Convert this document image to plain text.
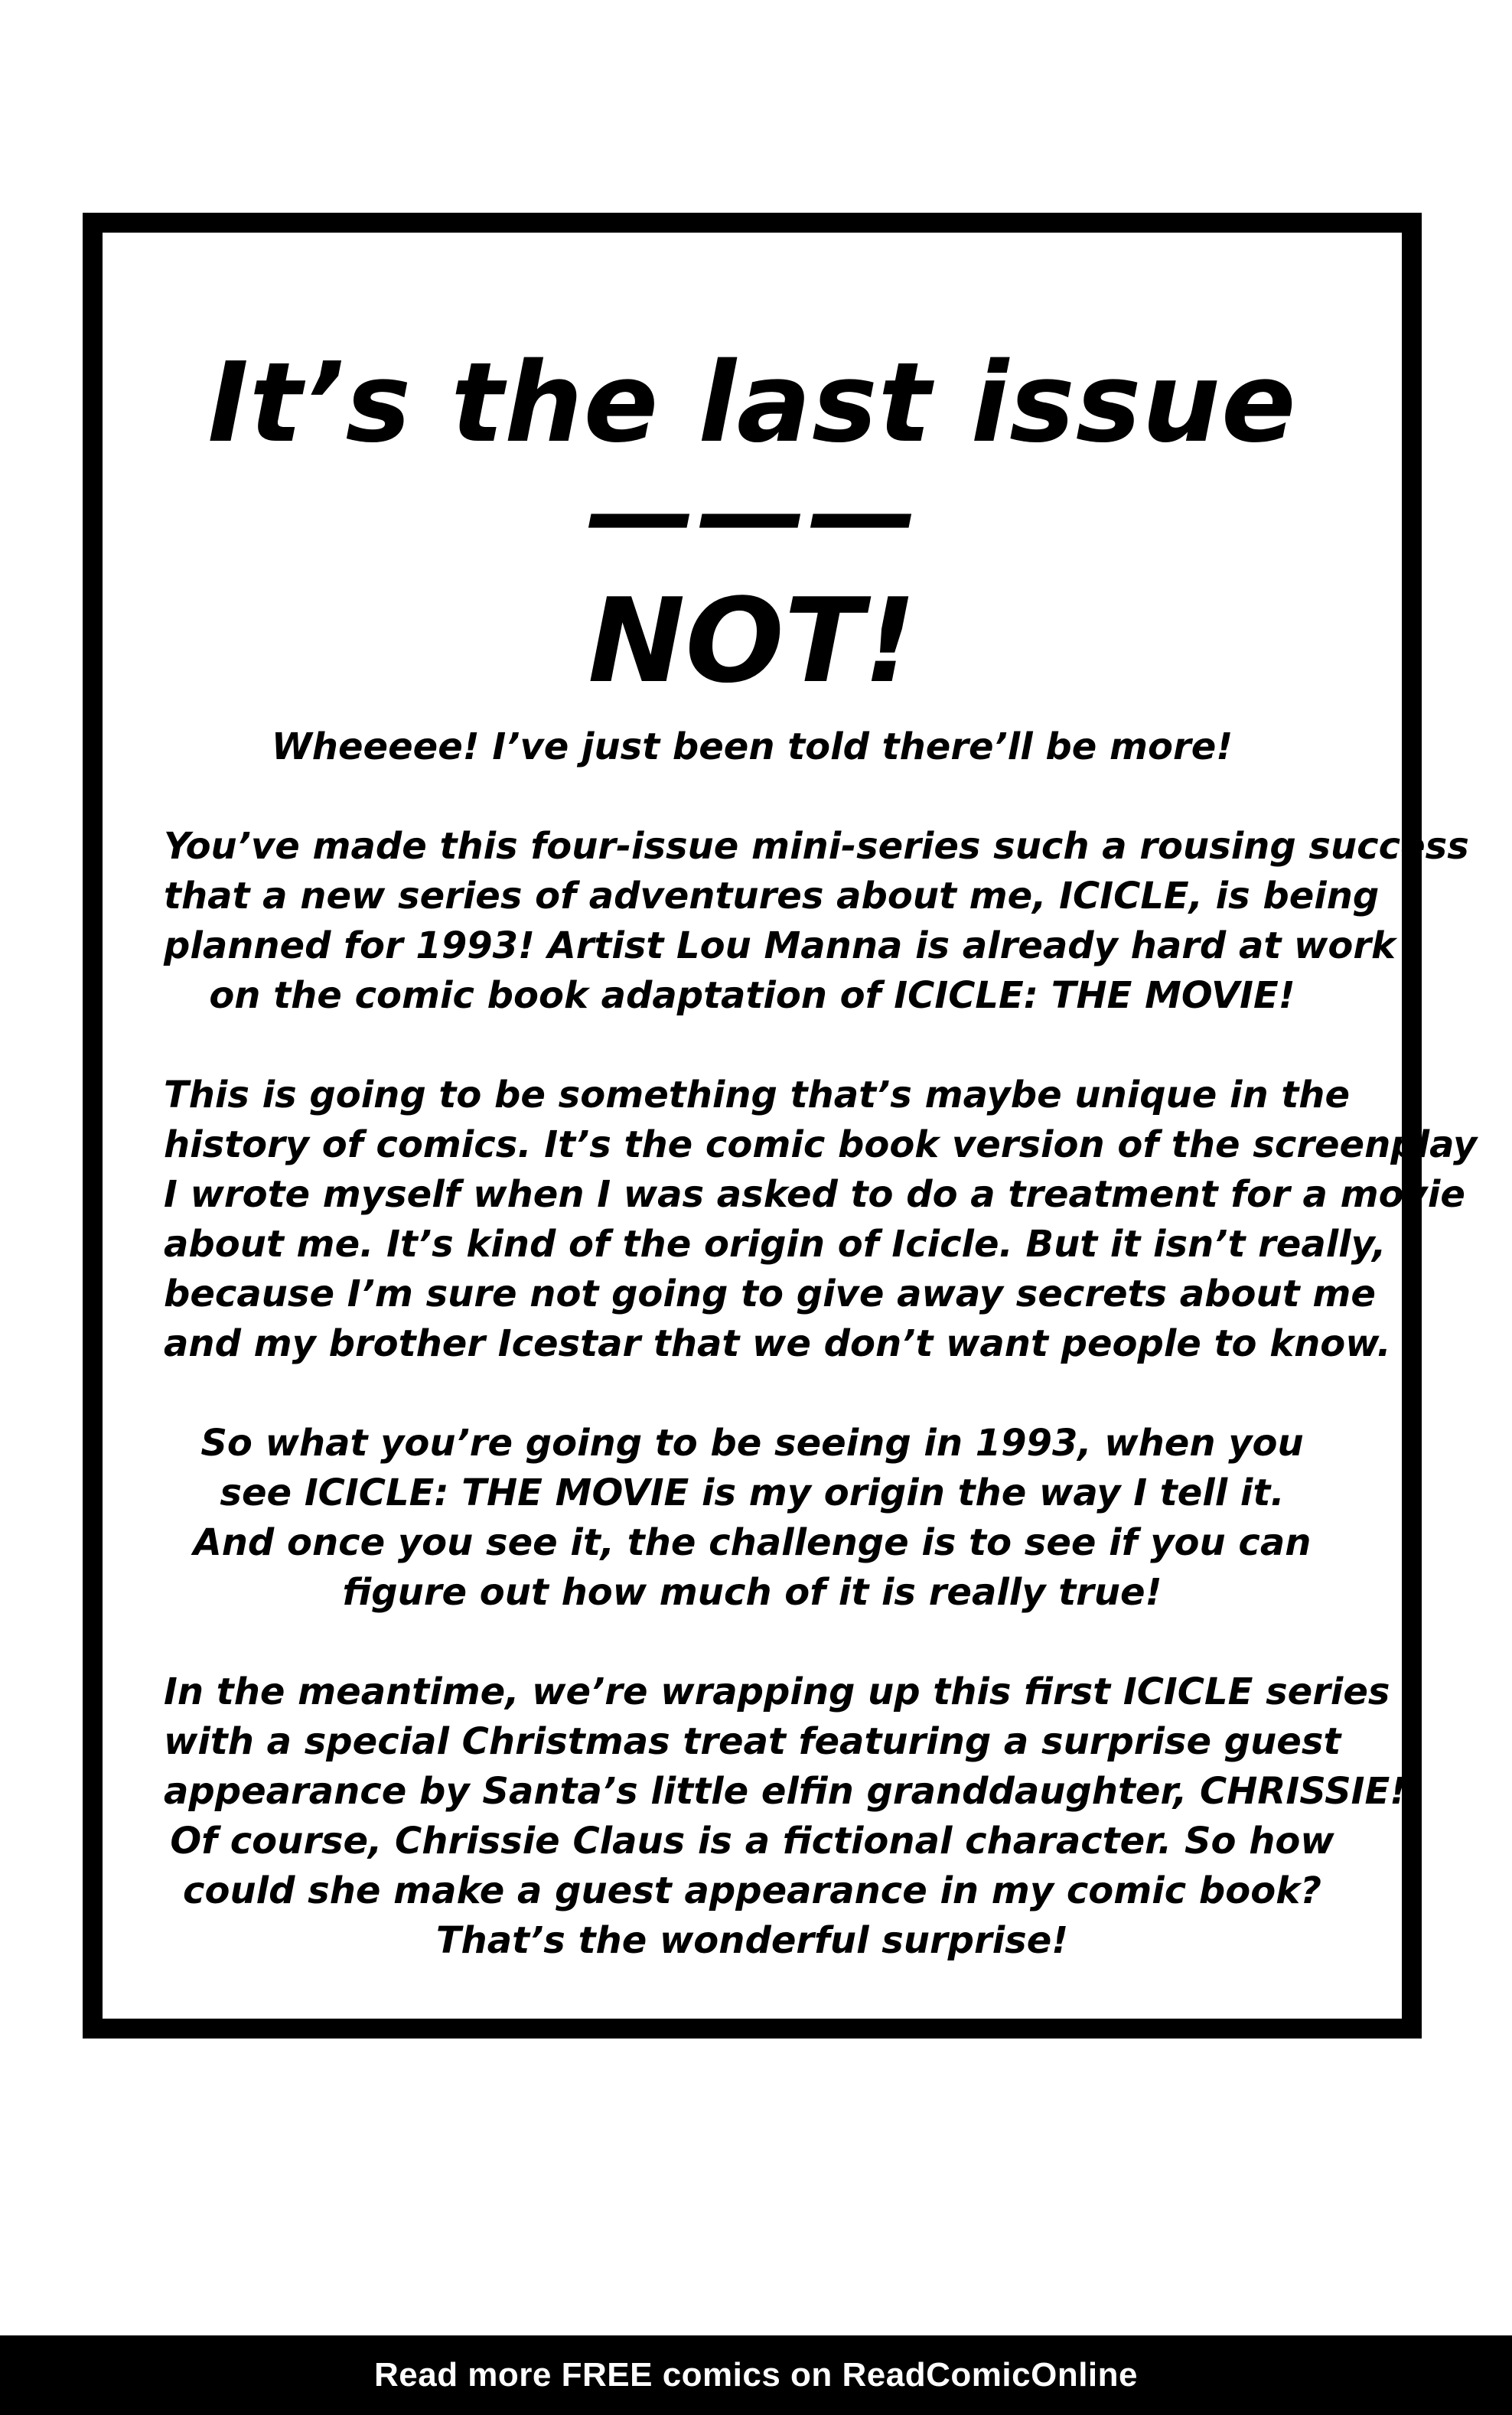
It’s the last issue———
NOT!

Wheeeee! I’ve just been told there’ll be more!

You’ve made this four-issue mini-series such a rousing success
that a new series of adventures about me, ICICLE, is being
planned for 1993! Artist Lou Manna is already hard at work
on the comic book adaptation of ICICLE: THE MOVIE!

This is going to be something that’s maybe unique in the
history of comics. It’s the comic book version of the screenplay
I wrote myself when I was asked to do a treatment for a movie
about me. It’s kind of the origin of Icicle. But it isn’t really,
because I’m sure not going to give away secrets about me
and my brother Icestar that we don’t want people to know.

So what you’re going to be seeing in 1993, when you
see ICICLE: THE MOVIE is my origin the way I tell it.
And once you see it, the challenge is to see if you can
figure out how much of it is really true!

In the meantime, we’re wrapping up this first ICICLE series
with a special Christmas treat featuring a surprise guest
appearance by Santa’s little elfin granddaughter, CHRISSIE!
Of course, Chrissie Claus is a fictional character. So how
could she make a guest appearance in my comic book?
That’s the wonderful surprise!

Read more FREE comics on ReadComicOnline
